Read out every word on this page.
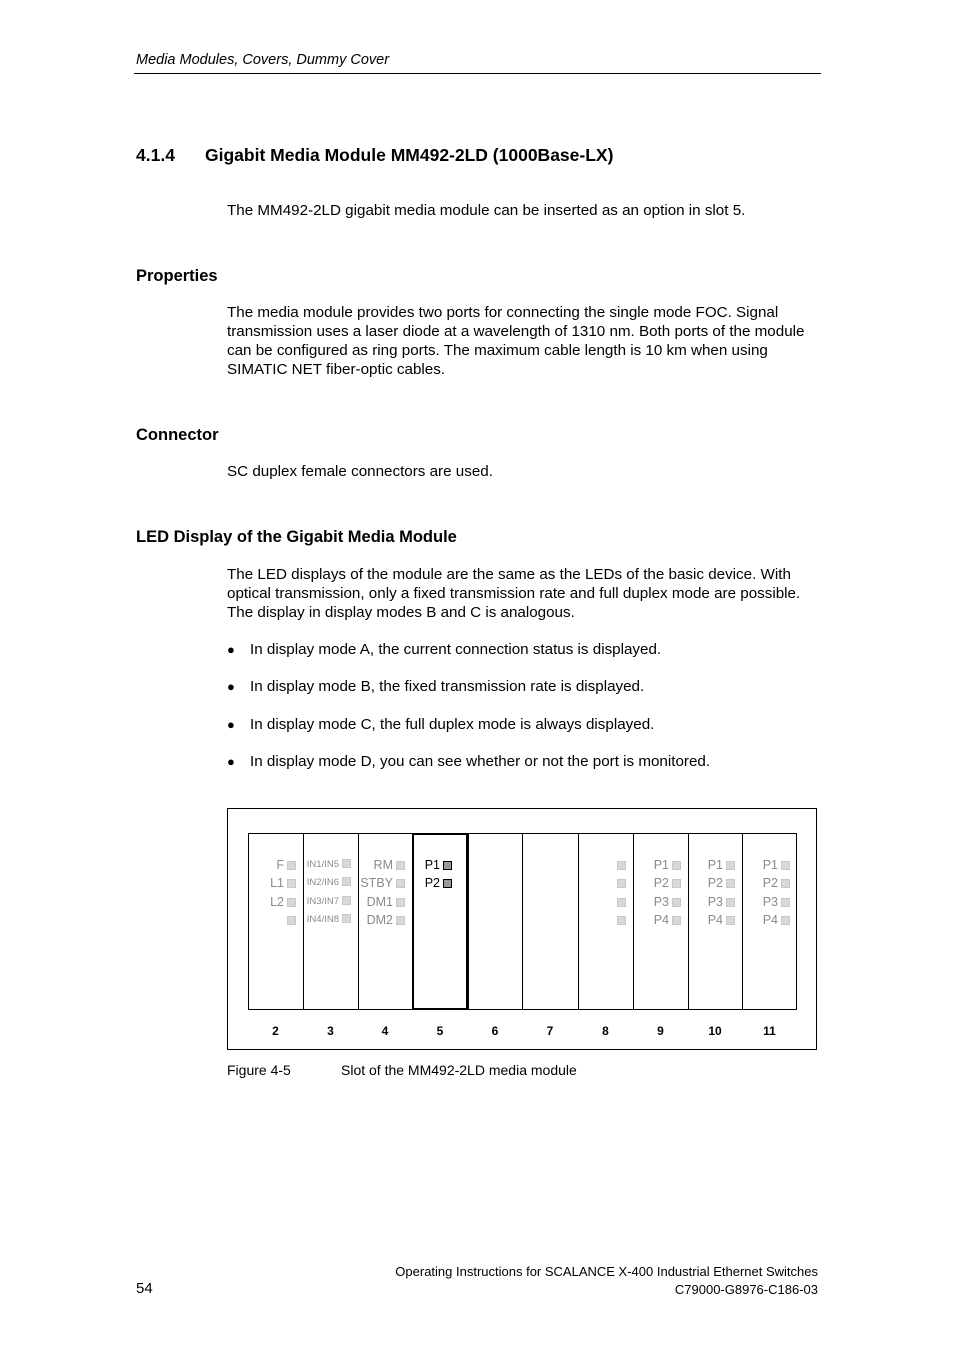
Media Modules, Covers, Dummy Cover
4.1.4 Gigabit Media Module MM492-2LD (1000Base-LX)
The MM492-2LD gigabit media module can be inserted as an option in slot 5.
Properties
The media module provides two ports for connecting the single mode FOC. Signal transmission uses a laser diode at a wavelength of 1310 nm. Both ports of the module can be configured as ring ports. The maximum cable length is 10 km when using SIMATIC NET fiber-optic cables.
Connector
SC duplex female connectors are used.
LED Display of the Gigabit Media Module
The LED displays of the module are the same as the LEDs of the basic device. With optical transmission, only a fixed transmission rate and full duplex mode are possible. The display in display modes B and C is analogous.
● In display mode A, the current connection status is displayed.
● In display mode B, the fixed transmission rate is displayed.
● In display mode C, the full duplex mode is always displayed.
● In display mode D, you can see whether or not the port is monitored.
F
L1
L2
2
IN1/IN5
IN2/IN6
IN3/IN7
IN4/IN8
3
RM
STBY
DM1
DM2
4
P1
P2
5	6	7	8
P1
P2
P3
P4
9
P1
P2
P3
P4
10
P1
P2
P3
P4
11
Figure 4-5	Slot of the MM492-2LD media module
Operating Instructions for SCALANCE X-400 Industrial Ethernet Switches
C79000-G8976-C186-03
54
